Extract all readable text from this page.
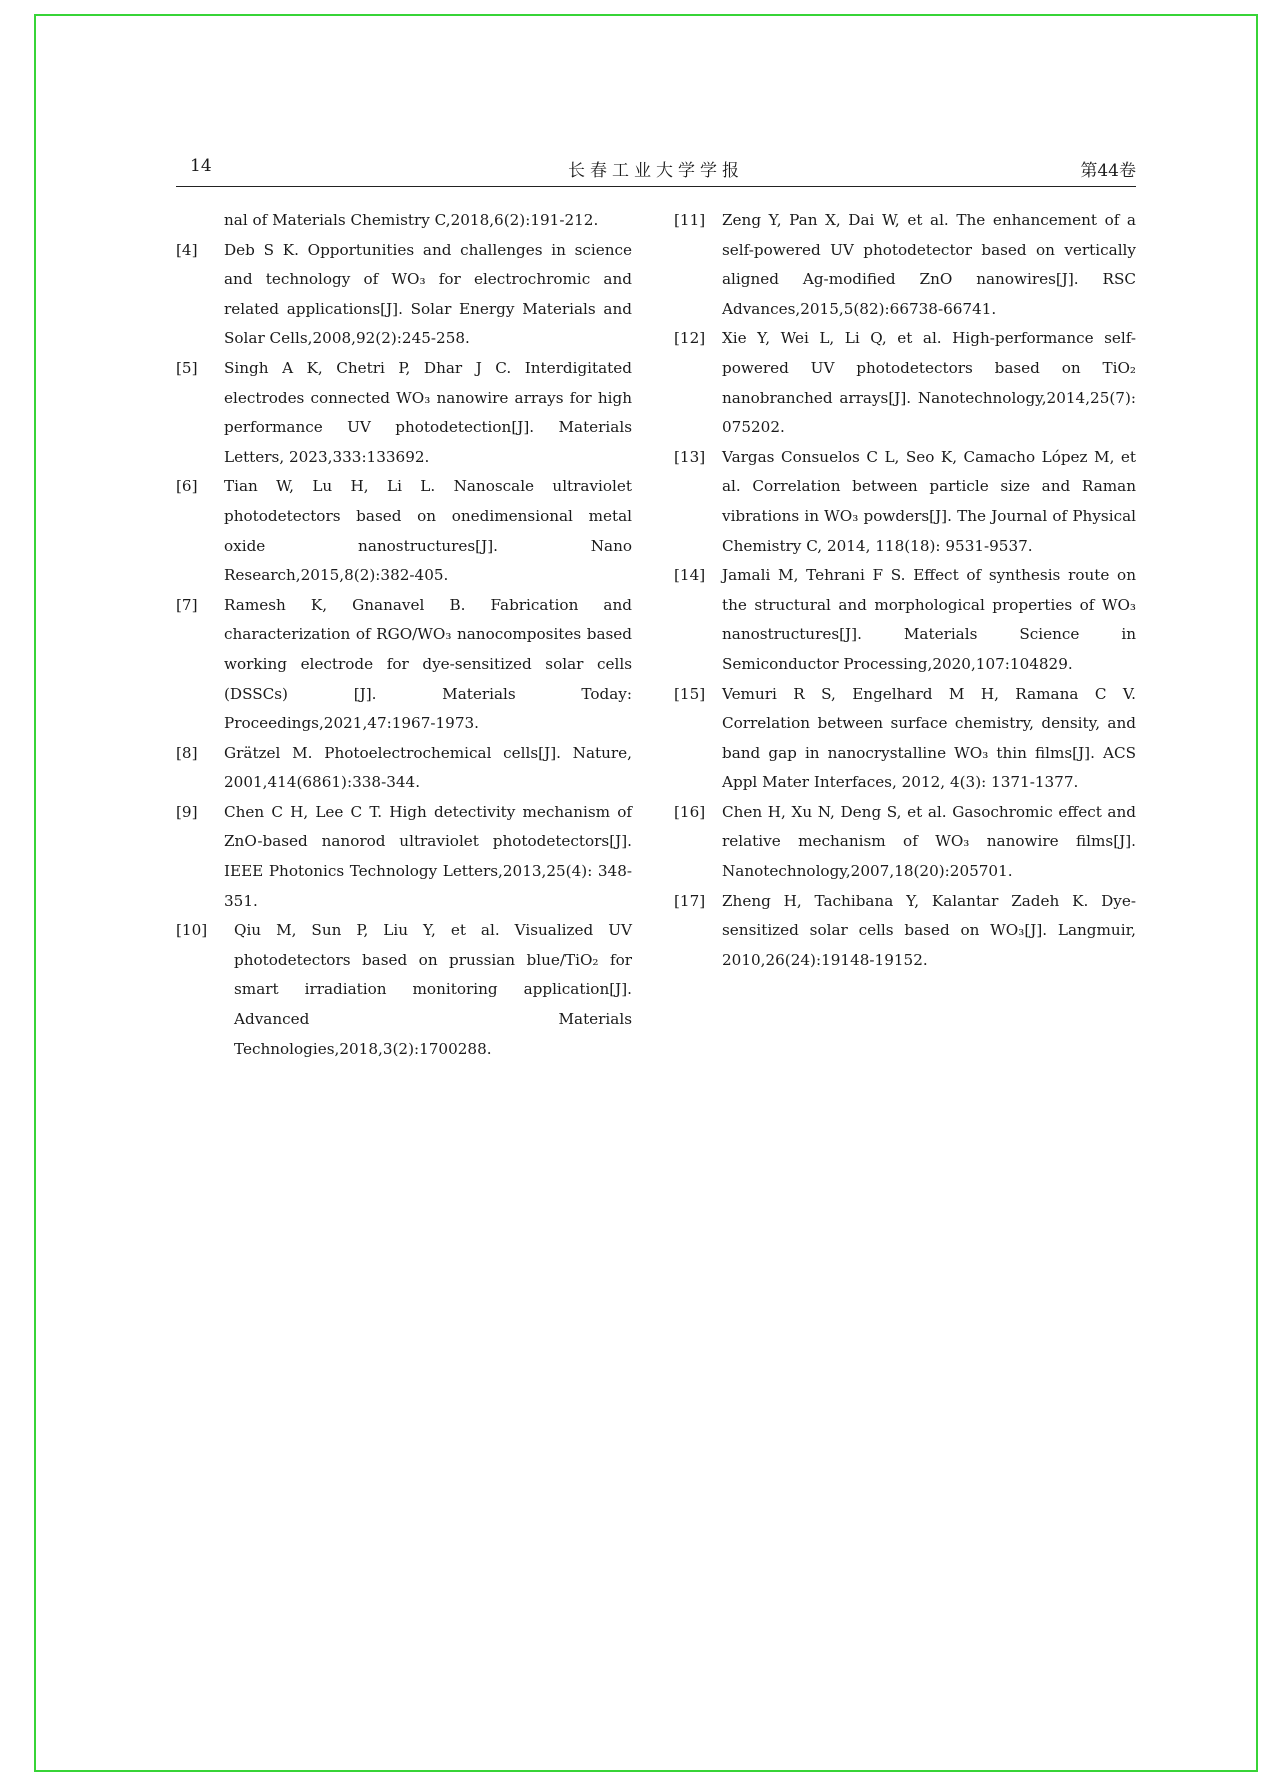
14	长春工业大学学报	第44卷
nal of Materials Chemistry C,2018,6(2):191-212.
[4]	Deb S K. Opportunities and challenges in science and technology of WO₃ for electrochromic and related applications[J]. Solar Energy Materials and Solar Cells,2008,92(2):245-258.
[5]	Singh A K, Chetri P, Dhar J C. Interdigitated electrodes connected WO₃ nanowire arrays for high performance UV photodetection[J]. Materials Letters, 2023,333:133692.
[6]	Tian W, Lu H, Li L. Nanoscale ultraviolet photodetectors based on onedimensional metal oxide nanostructures[J]. Nano Research,2015,8(2):382-405.
[7]	Ramesh K, Gnanavel B. Fabrication and characterization of RGO/WO₃ nanocomposites based working electrode for dye-sensitized solar cells (DSSCs) [J]. Materials Today: Proceedings,2021,47:1967-1973.
[8]	Grätzel M. Photoelectrochemical cells[J]. Nature, 2001,414(6861):338-344.
[9]	Chen C H, Lee C T. High detectivity mechanism of ZnO-based nanorod ultraviolet photodetectors[J]. IEEE Photonics Technology Letters,2013,25(4): 348-351.
[10]	Qiu M, Sun P, Liu Y, et al. Visualized UV photodetectors based on prussian blue/TiO₂ for smart irradiation monitoring application[J]. Advanced Materials Technologies,2018,3(2):1700288.
[11]	Zeng Y, Pan X, Dai W, et al. The enhancement of a self-powered UV photodetector based on vertically aligned Ag-modified ZnO nanowires[J]. RSC Advances,2015,5(82):66738-66741.
[12]	Xie Y, Wei L, Li Q, et al. High-performance self-powered UV photodetectors based on TiO₂ nanobranched arrays[J]. Nanotechnology,2014,25(7): 075202.
[13]	Vargas Consuelos C L, Seo K, Camacho López M, et al. Correlation between particle size and Raman vibrations in WO₃ powders[J]. The Journal of Physical Chemistry C, 2014, 118(18): 9531-9537.
[14]	Jamali M, Tehrani F S. Effect of synthesis route on the structural and morphological properties of WO₃ nanostructures[J]. Materials Science in Semiconductor Processing,2020,107:104829.
[15]	Vemuri R S, Engelhard M H, Ramana C V. Correlation between surface chemistry, density, and band gap in nanocrystalline WO₃ thin films[J]. ACS Appl Mater Interfaces, 2012, 4(3): 1371-1377.
[16]	Chen H, Xu N, Deng S, et al. Gasochromic effect and relative mechanism of WO₃ nanowire films[J]. Nanotechnology,2007,18(20):205701.
[17]	Zheng H, Tachibana Y, Kalantar Zadeh K. Dye-sensitized solar cells based on WO₃[J]. Langmuir, 2010,26(24):19148-19152.
